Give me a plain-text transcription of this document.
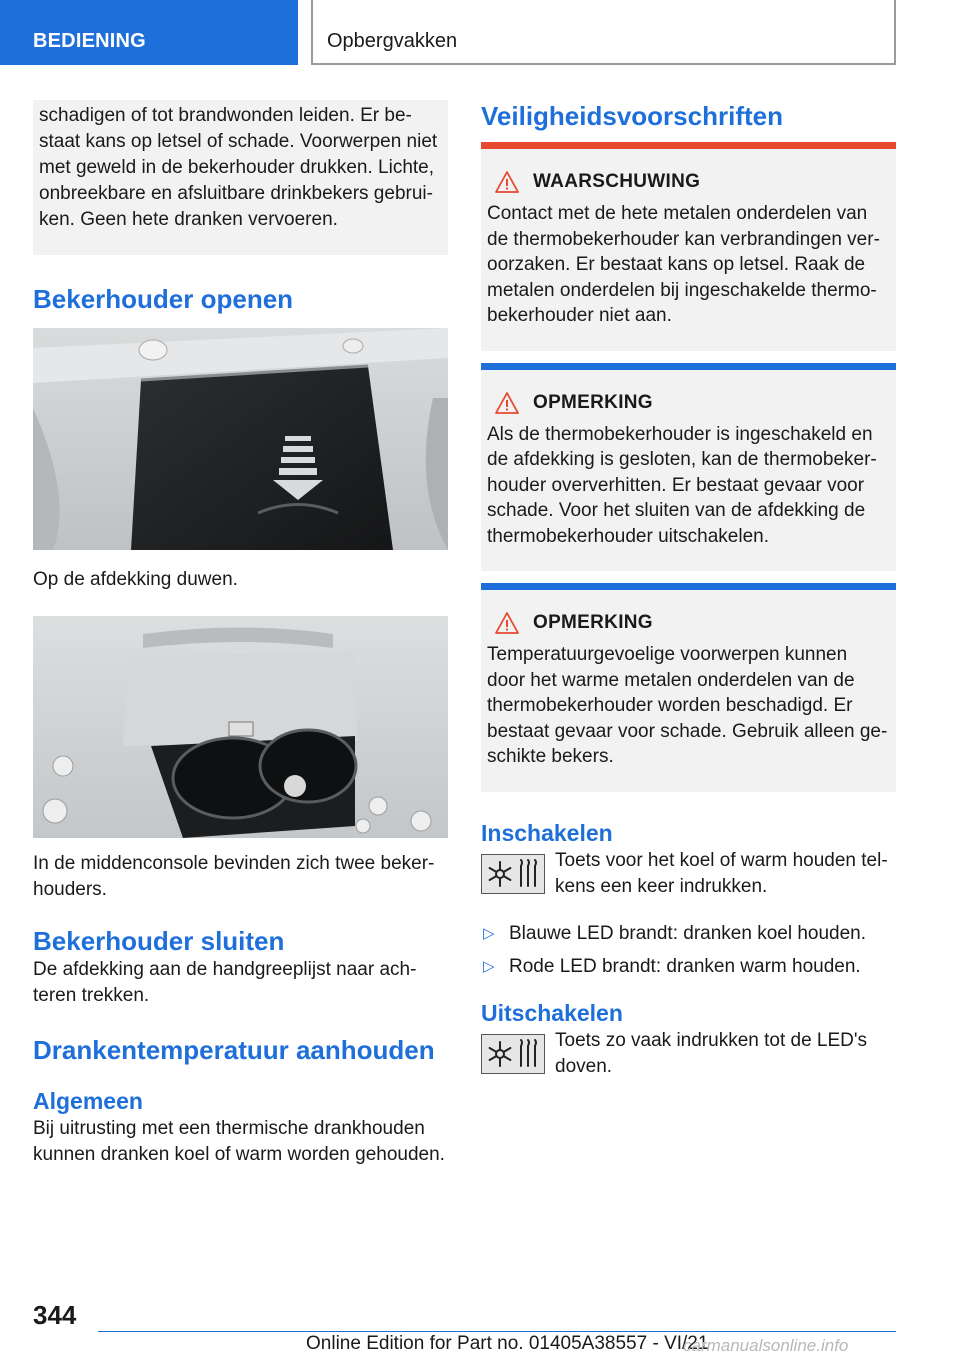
BEDIENING	Opbergvakken

schadigen of tot brandwonden leiden. Er be-
staat kans op letsel of schade. Voorwerpen niet
met geweld in de bekerhouder drukken. Lichte,
onbreekbare en afsluitbare drinkbekers gebrui-
ken. Geen hete dranken vervoeren.

Bekerhouder openen

Op de afdekking duwen.

In de middenconsole bevinden zich twee beker-
houders.

Bekerhouder sluiten

De afdekking aan de handgreeplijst naar ach-
teren trekken.

Drankentemperatuur aanhouden
Algemeen

Bij uitrusting met een thermische drankhouden
kunnen dranken koel of warm worden gehouden.

Veiligheidsvoorschriften
WAARSCHUWING

Contact met de hete metalen onderdelen van
de thermobekerhouder kan verbrandingen ver-
oorzaken. Er bestaat kans op letsel. Raak de
metalen onderdelen bij ingeschakelde thermo-
bekerhouder niet aan.

OPMERKING

Als de thermobekerhouder is ingeschakeld en
de afdekking is gesloten, kan de thermobeker-
houder oververhitten. Er bestaat gevaar voor
schade. Voor het sluiten van de afdekking de
thermobekerhouder uitschakelen.

OPMERKING

Temperatuurgevoelige voorwerpen kunnen
door het warme metalen onderdelen van de
thermobekerhouder worden beschadigd. Er
bestaat gevaar voor schade. Gebruik alleen ge-
schikte bekers.

Inschakelen

Toets voor het koel of warm houden tel-
kens een keer indrukken.

▷ Blauwe LED brandt: dranken koel houden.
▷ Rode LED brandt: dranken warm houden.
Uitschakelen

Toets zo vaak indrukken tot de LED's
doven.

344
Online Edition for Part no. 01405A38557 - VI/21
carmanualsonline.info
